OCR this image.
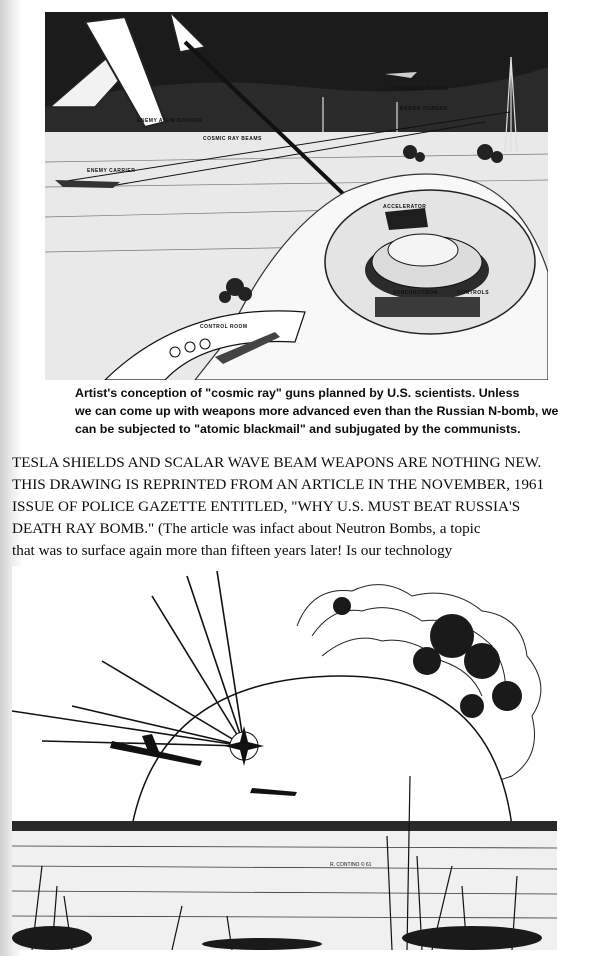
DEFENDING PLANES
RADAR TOWERS
ENEMY ATOM BOMBER
COSMIC RAY BEAMS
ENEMY CARRIER
ACCELERATOR
SYNCHROTRON
CONTROL ROOM
CONTROLS
Artist's conception of "cosmic ray" guns planned by U.S. scientists. Unless
we can come up with weapons more advanced even than the Russian N-bomb, we
can be subjected to "atomic blackmail" and subjugated by the communists.
TESLA SHIELDS AND SCALAR WAVE BEAM WEAPONS ARE NOTHING NEW.
THIS DRAWING IS REPRINTED FROM AN ARTICLE IN THE NOVEMBER, 1961
ISSUE OF POLICE GAZETTE ENTITLED, "WHY U.S. MUST BEAT RUSSIA'S
DEATH RAY BOMB." (The article was infact about Neutron Bombs, a topic
that was to surface again more than fifteen years later! Is our technology
R. CONTINO © 61
